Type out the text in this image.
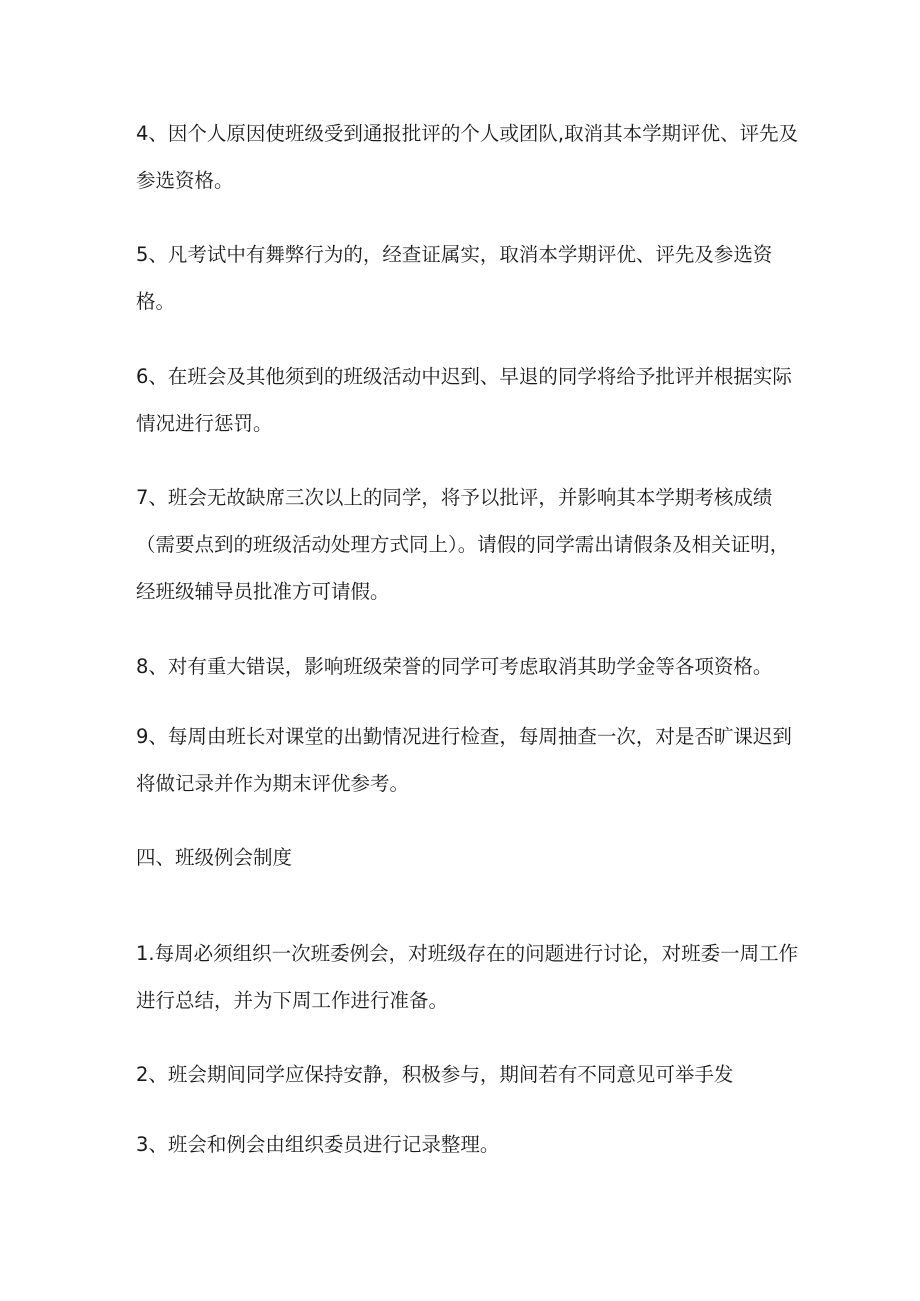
4、因个人原因使班级受到通报批评的个人或团队,取消其本学期评优、评先及参选资格。

5、凡考试中有舞弊行为的，经查证属实，取消本学期评优、评先及参选资格。

6、在班会及其他须到的班级活动中迟到、早退的同学将给予批评并根据实际情况进行惩罚。

7、班会无故缺席三次以上的同学，将予以批评，并影响其本学期考核成绩（需要点到的班级活动处理方式同上）。请假的同学需出请假条及相关证明，经班级辅导员批准方可请假。

8、对有重大错误，影响班级荣誉的同学可考虑取消其助学金等各项资格。

9、每周由班长对课堂的出勤情况进行检查，每周抽查一次，对是否旷课迟到将做记录并作为期末评优参考。

四、班级例会制度

1.每周必须组织一次班委例会，对班级存在的问题进行讨论，对班委一周工作进行总结，并为下周工作进行准备。

2、班会期间同学应保持安静，积极参与，期间若有不同意见可举手发

3、班会和例会由组织委员进行记录整理。
